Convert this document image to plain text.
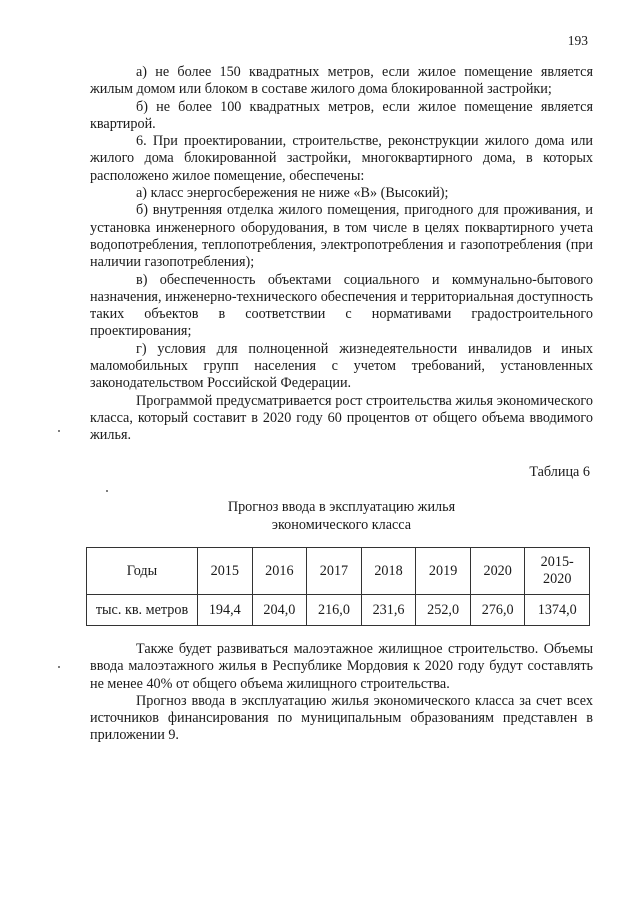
193

а) не более 150 квадратных метров, если жилое помещение является жилым домом или блоком в составе жилого дома блокированной застройки;

б) не более 100 квадратных метров, если жилое помещение является квартирой.

6. При проектировании, строительстве, реконструкции жилого дома или жилого дома блокированной застройки, многоквартирного дома, в которых расположено жилое помещение, обеспечены:

а) класс энергосбережения не ниже «В» (Высокий);

б) внутренняя отделка жилого помещения, пригодного для проживания, и установка инженерного оборудования, в том числе в целях поквартирного учета водопотребления, теплопотребления, электропотребления и газопотребления (при наличии газопотребления);

в) обеспеченность объектами социального и коммунально-бытового назначения, инженерно-технического обеспечения и территориальная доступность таких объектов в соответствии с нормативами градостроительного проектирования;

г) условия для полноценной жизнедеятельности инвалидов и иных маломобильных групп населения с учетом требований, установленных законодательством Российской Федерации.

Программой предусматривается рост строительства жилья экономического класса, который составит в 2020 году 60 процентов от общего объема вводимого жилья.

Таблица 6
Прогноз ввода в эксплуатацию жилья
экономического класса
Годы	2015	2016	2017	2018	2019	2020	2015-
2020
тыс. кв. метров	194,4	204,0	216,0	231,6	252,0	276,0	1374,0

Также будет развиваться малоэтажное жилищное строительство. Объемы ввода малоэтажного жилья в Республике Мордовия к 2020 году будут составлять не менее 40% от общего объема жилищного строительства.

Прогноз ввода в эксплуатацию жилья экономического класса за счет всех источников финансирования по муниципальным образованиям представлен в приложении 9.
